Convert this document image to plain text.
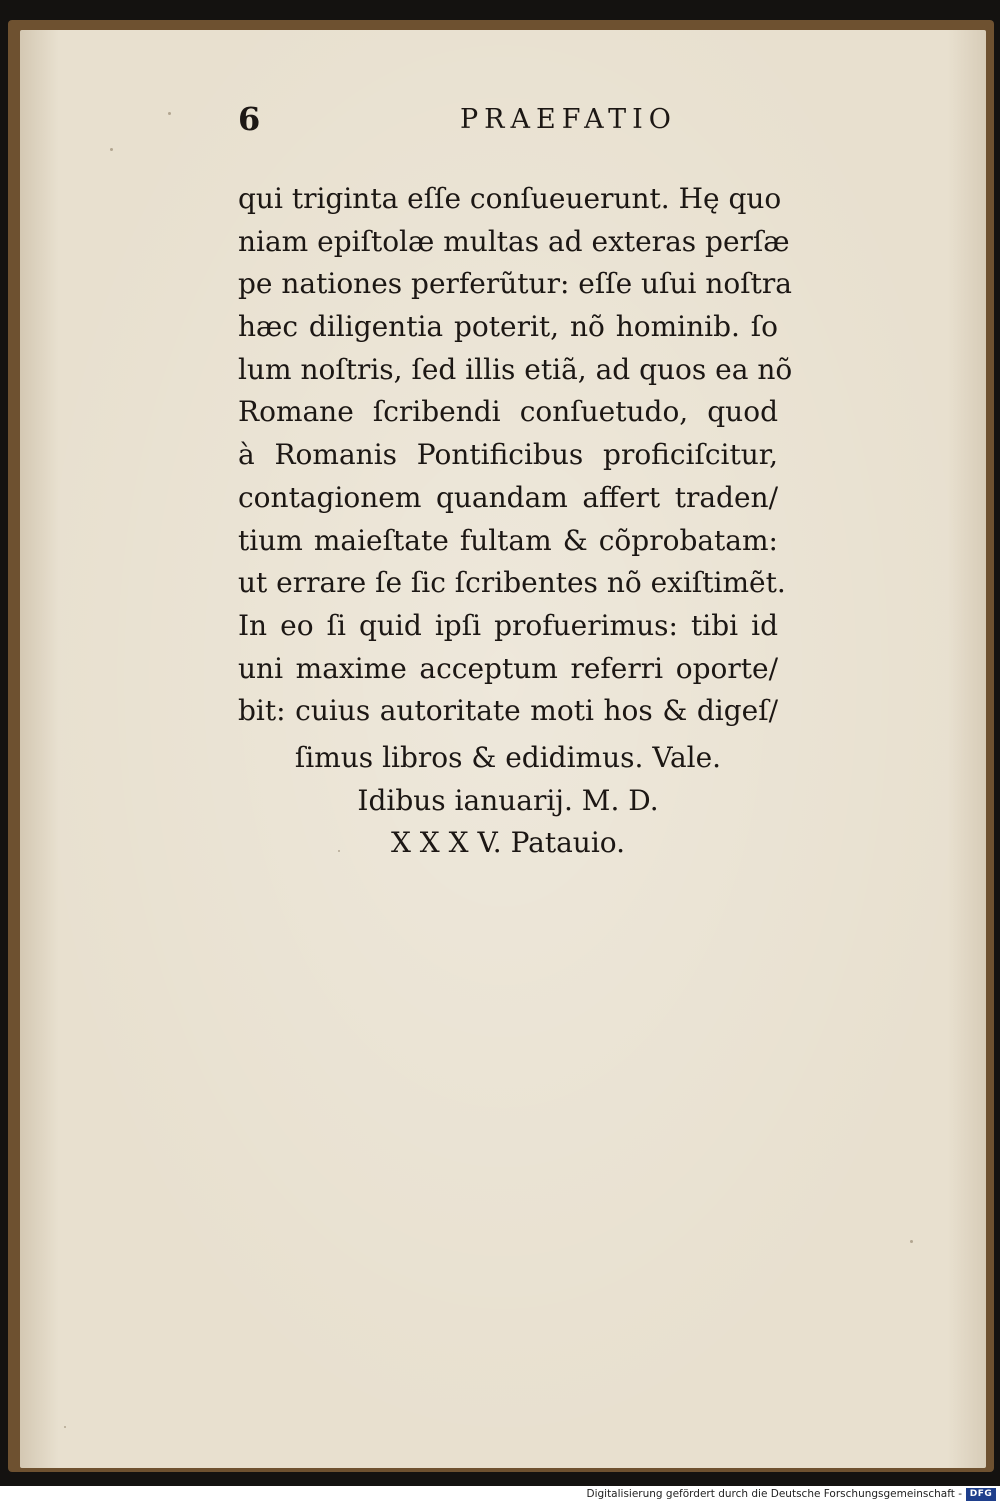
6	PRAEFATIO
qui triginta eſſe conſueuerunt. Hę quo
niam epiſtolæ multas ad exteras perſæ
pe nationes perferũtur: eſſe uſui noſtra
hæc diligentia poterit, nõ hominib. ſo
lum noſtris, ſed illis etiã, ad quos ea nõ
Romane ſcribendi conſuetudo, quod
à Romanis Pontificibus proficiſcitur,
contagionem quandam affert traden/
tium maieſtate fultam & cõprobatam:
ut errare ſe ſic ſcribentes nõ exiſtimẽt.
In eo ſi quid ipſi profuerimus: tibi id
uni maxime acceptum referri oporte/
bit: cuius autoritate moti hos & digeſ/
ſimus libros & edidimus. Vale.
Idibus ianuarij. M. D.
X X X V. Patauio.
Digitalisierung gefördert durch die Deutsche Forschungsgemeinschaft - DFG
